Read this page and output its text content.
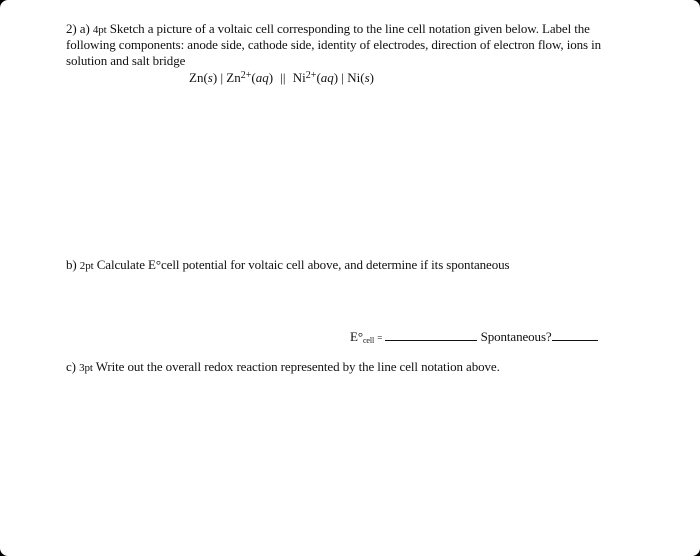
2) a) 4pt Sketch a picture of a voltaic cell corresponding to the line cell notation given below. Label the
following components: anode side, cathode side, identity of electrodes, direction of electron flow, ions in
solution and salt bridge
Zn(s) | $Zn^{2+}(aq)$ || $Ni^{2+}(aq)$ | Ni(s)
b) 2pt Calculate E°cell potential for voltaic cell above, and determine if its spontaneous
$E^\circ_{cell}$ =	Spontaneous?
c) 3pt Write out the overall redox reaction represented by the line cell notation above.
